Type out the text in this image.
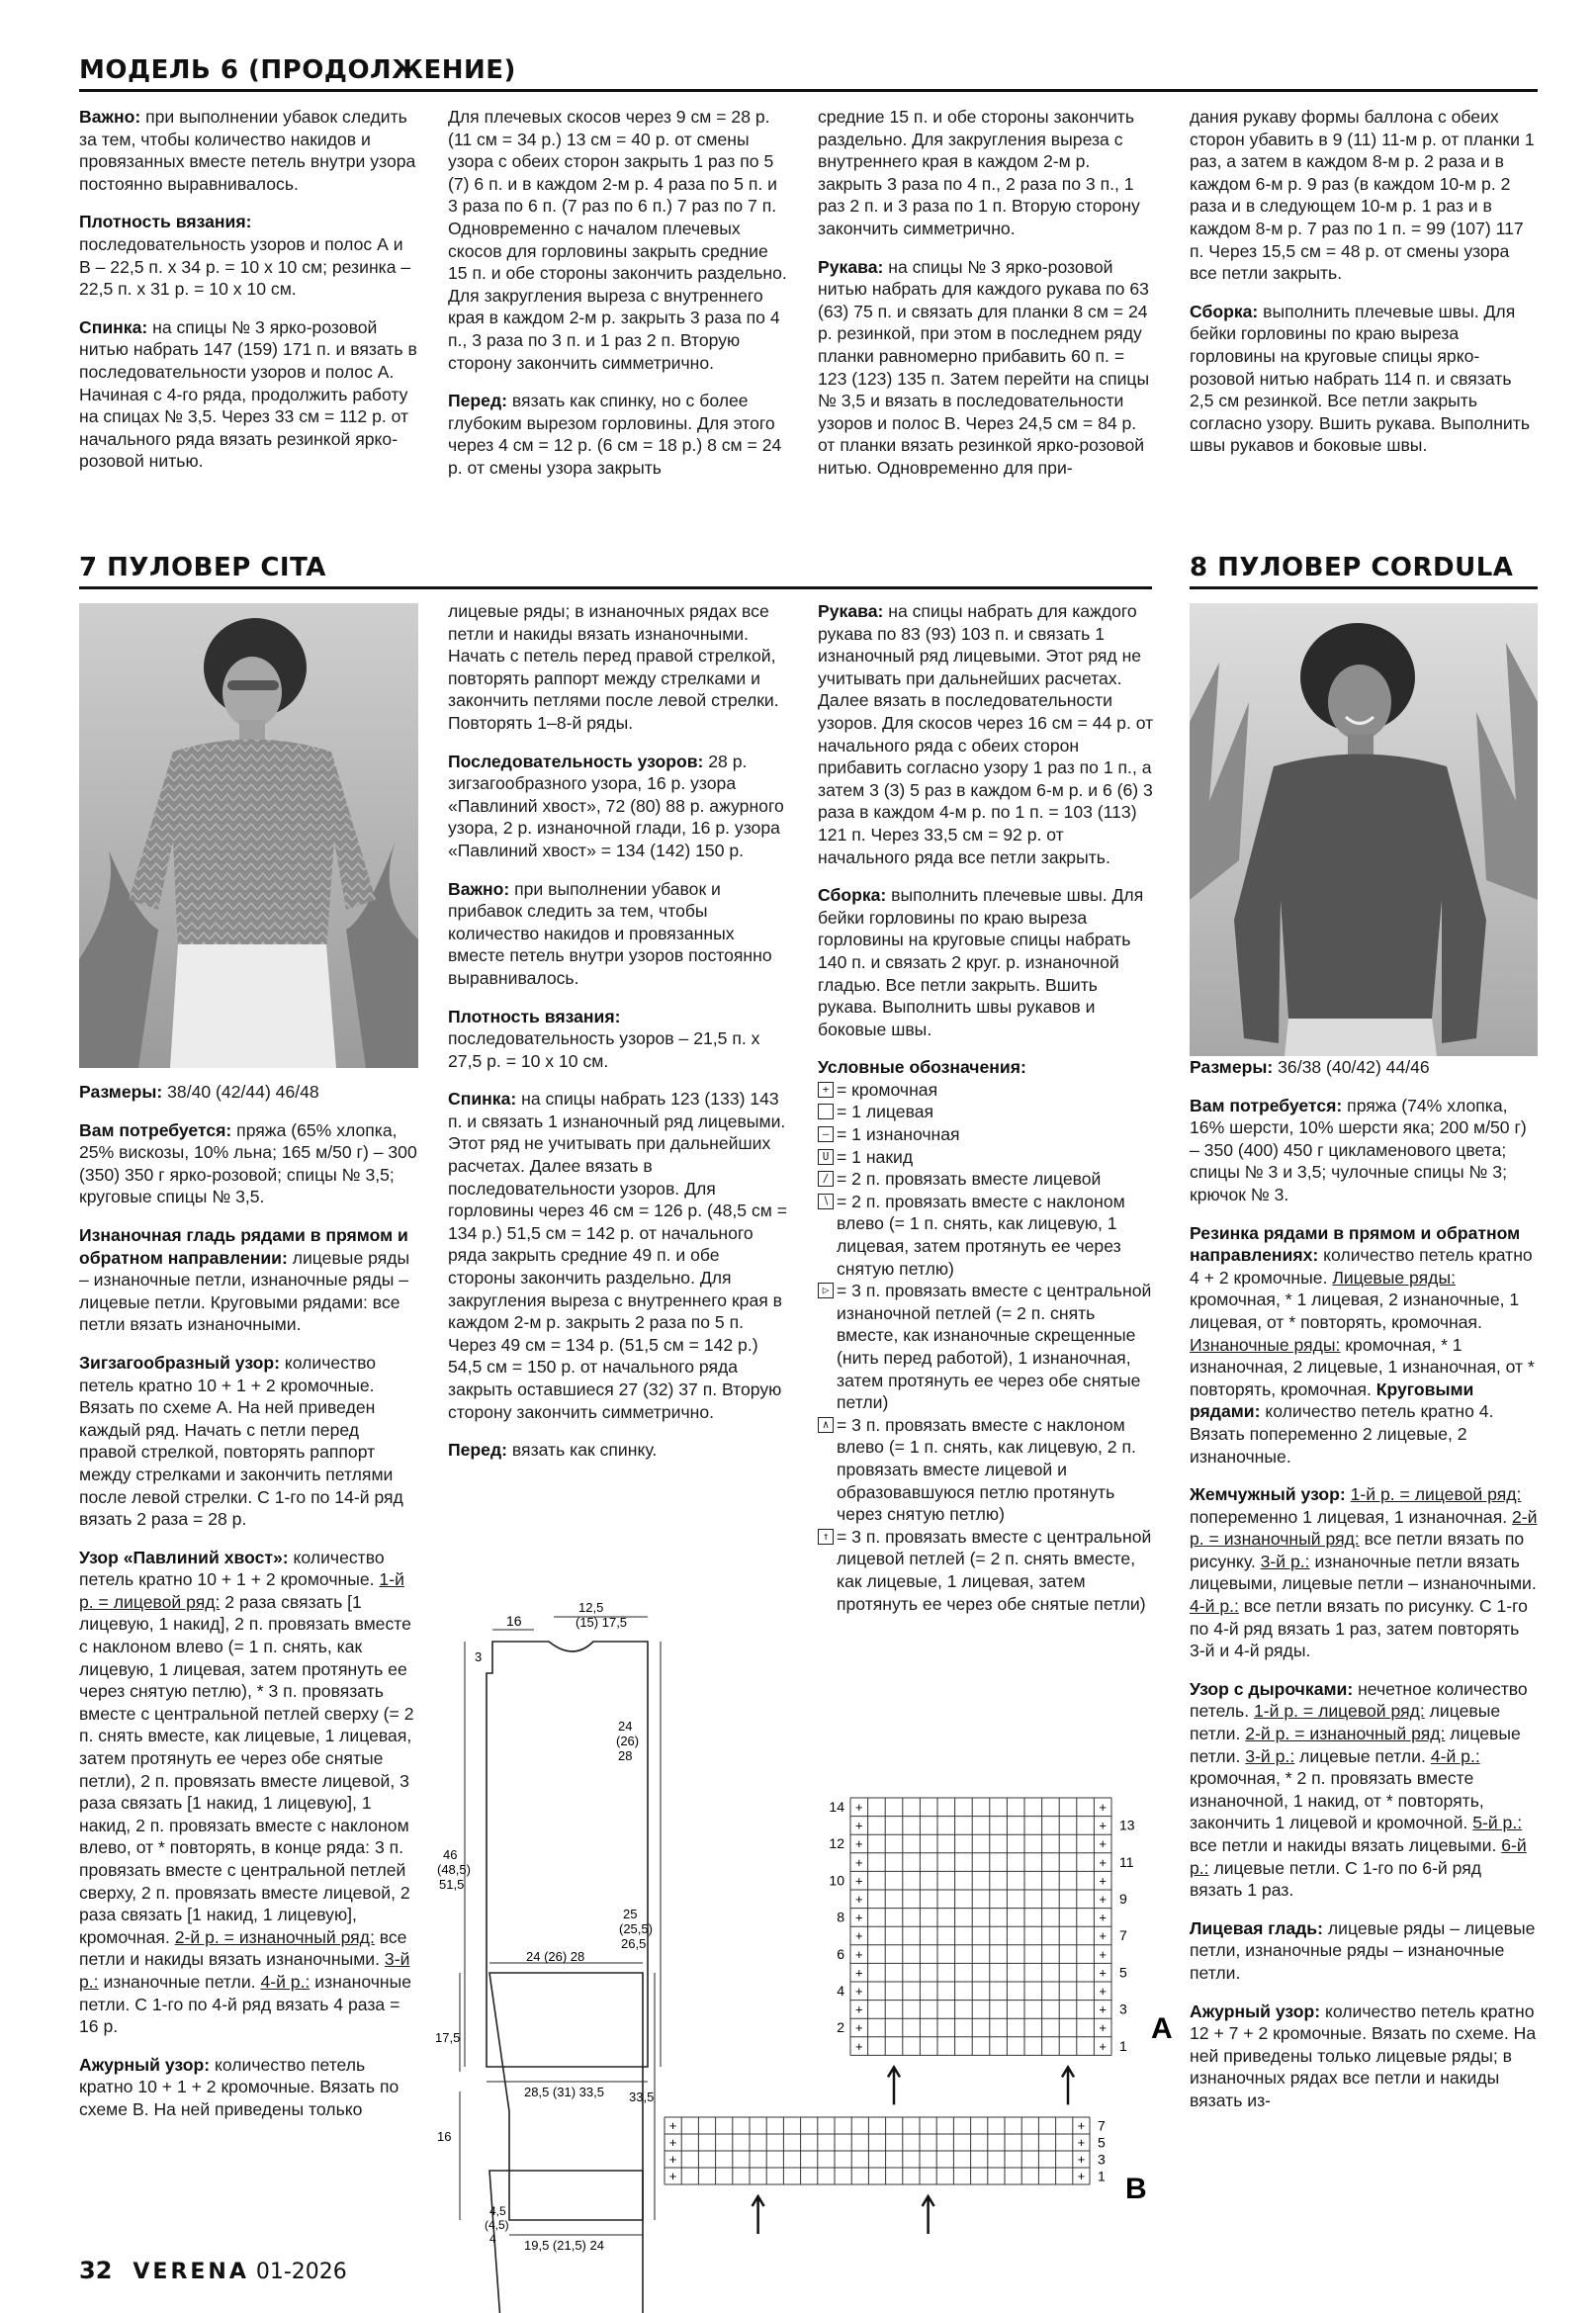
МОДЕЛЬ 6 (ПРОДОЛЖЕНИЕ)
7 ПУЛОВЕР CITA	8 ПУЛОВЕР CORDULA

Важно: при выполнении убавок следить за тем, чтобы количество накидов и провязанных вместе петель внутри узора постоянно выравнивалось.

Плотность вязания: последовательность узоров и полос А и В – 22,5 п. х 34 р. = 10 х 10 см; резинка – 22,5 п. х 31 р. = 10 х 10 см.

Спинка: на спицы № 3 ярко-розовой нитью набрать 147 (159) 171 п. и вязать в последовательности узоров и полос А. Начиная с 4-го ряда, продолжить работу на спицах № 3,5. Через 33 см = 112 р. от начального ряда вязать резинкой ярко-розовой нитью.

Для плечевых скосов через 9 см = 28 р. (11 см = 34 р.) 13 см = 40 р. от смены узора с обеих сторон закрыть 1 раз по 5 (7) 6 п. и в каждом 2-м р. 4 раза по 5 п. и 3 раза по 6 п. (7 раз по 6 п.) 7 раз по 7 п. Одновременно с началом плечевых скосов для горловины закрыть средние 15 п. и обе стороны закончить раздельно. Для закругления выреза с внутреннего края в каждом 2-м р. закрыть 3 раза по 4 п., 3 раза по 3 п. и 1 раз 2 п. Вторую сторону закончить симметрично.

Перед: вязать как спинку, но с более глубоким вырезом горловины. Для этого через 4 см = 12 р. (6 см = 18 р.) 8 см = 24 р. от смены узора закрыть

средние 15 п. и обе стороны закончить раздельно. Для закругления выреза с внутреннего края в каждом 2-м р. закрыть 3 раза по 4 п., 2 раза по 3 п., 1 раз 2 п. и 3 раза по 1 п. Вторую сторону закончить симметрично.

Рукава: на спицы № 3 ярко-розовой нитью набрать для каждого рукава по 63 (63) 75 п. и связать для планки 8 см = 24 р. резинкой, при этом в последнем ряду планки равномерно прибавить 60 п. = 123 (123) 135 п. Затем перейти на спицы № 3,5 и вязать в последовательности узоров и полос В. Через 24,5 см = 84 р. от планки вязать резинкой ярко-розовой нитью. Одновременно для при-

дания рукаву формы баллона с обеих сторон убавить в 9 (11) 11-м р. от планки 1 раз, а затем в каждом 8-м р. 2 раза и в каждом 6-м р. 9 раз (в каждом 10-м р. 2 раза и в следующем 10-м р. 1 раз и в каждом 8-м р. 7 раз по 1 п. = 99 (107) 117 п. Через 15,5 см = 48 р. от смены узора все петли закрыть.

Сборка: выполнить плечевые швы. Для бейки горловины по краю выреза горловины на круговые спицы ярко-розовой нитью набрать 114 п. и связать 2,5 см резинкой. Все петли закрыть согласно узору. Вшить рукава. Выполнить швы рукавов и боковые швы.

Размеры: 38/40 (42/44) 46/48

Вам потребуется: пряжа (65% хлопка, 25% вискозы, 10% льна; 165 м/50 г) – 300 (350) 350 г ярко-розовой; спицы № 3,5; круговые спицы № 3,5.

Изнаночная гладь рядами в прямом и обратном направлении: лицевые ряды – изнаночные петли, изнаночные ряды – лицевые петли. Круговыми рядами: все петли вязать изнаночными.

Зигзагообразный узор: количество петель кратно 10 + 1 + 2 кромочные. Вязать по схеме А. На ней приведен каждый ряд. Начать с петли перед правой стрелкой, повторять раппорт между стрелками и закончить петлями после левой стрелки. С 1-го по 14-й ряд вязать 2 раза = 28 р.

Узор «Павлиний хвост»: количество петель кратно 10 + 1 + 2 кромочные. 1-й р. = лицевой ряд: 2 раза связать [1 лицевую, 1 накид], 2 п. провязать вместе с наклоном влево (= 1 п. снять, как лицевую, 1 лицевая, затем протянуть ее через снятую петлю), * 3 п. провязать вместе с центральной петлей сверху (= 2 п. снять вместе, как лицевые, 1 лицевая, затем протянуть ее через обе снятые петли), 2 п. провязать вместе лицевой, 3 раза связать [1 накид, 1 лицевую], 1 накид, 2 п. провязать вместе с наклоном влево, от * повторять, в конце ряда: 3 п. провязать вместе с центральной петлей сверху, 2 п. провязать вместе лицевой, 2 раза связать [1 накид, 1 лицевую], кромочная. 2-й р. = изнаночный ряд: все петли и накиды вязать изнаночными. 3-й р.: изнаночные петли. 4-й р.: изнаночные петли. С 1-го по 4-й ряд вязать 4 раза = 16 р.

Ажурный узор: количество петель кратно 10 + 1 + 2 кромочные. Вязать по схеме В. На ней приведены только

лицевые ряды; в изнаночных рядах все петли и накиды вязать изнаночными. Начать с петель перед правой стрелкой, повторять раппорт между стрелками и закончить петлями после левой стрелки. Повторять 1–8-й ряды.

Последовательность узоров: 28 р. зигзагообразного узора, 16 р. узора «Павлиний хвост», 72 (80) 88 р. ажурного узора, 2 р. изнаночной глади, 16 р. узора «Павлиний хвост» = 134 (142) 150 р.

Важно: при выполнении убавок и прибавок следить за тем, чтобы количество накидов и провязанных вместе петель внутри узоров постоянно выравнивалось.

Плотность вязания: последовательность узоров – 21,5 п. х 27,5 р. = 10 х 10 см.

Спинка: на спицы набрать 123 (133) 143 п. и связать 1 изнаночный ряд лицевыми. Этот ряд не учитывать при дальнейших расчетах. Далее вязать в последовательности узоров. Для горловины через 46 см = 126 р. (48,5 см = 134 р.) 51,5 см = 142 р. от начального ряда закрыть средние 49 п. и обе стороны закончить раздельно. Для закругления выреза с внутреннего края в каждом 2-м р. закрыть 2 раза по 5 п. Через 49 см = 134 р. (51,5 см = 142 р.) 54,5 см = 150 р. от начального ряда закрыть оставшиеся 27 (32) 37 п. Вторую сторону закончить симметрично.

Перед: вязать как спинку.

Рукава: на спицы набрать для каждого рукава по 83 (93) 103 п. и связать 1 изнаночный ряд лицевыми. Этот ряд не учитывать при дальнейших расчетах. Далее вязать в последовательности узоров. Для скосов через 16 см = 44 р. от начального ряда с обеих сторон прибавить согласно узору 1 раз по 1 п., а затем 3 (3) 5 раз в каждом 6-м р. и 6 (6) 3 раза в каждом 4-м р. по 1 п. = 103 (113) 121 п. Через 33,5 см = 92 р. от начального ряда все петли закрыть.

Сборка: выполнить плечевые швы. Для бейки горловины по краю выреза горловины на круговые спицы набрать 140 п. и связать 2 круг. р. изнаночной гладью. Все петли закрыть. Вшить рукава. Выполнить швы рукавов и боковые швы.

Условные обозначения:

+ = кромочная
= 1 лицевая
– = 1 изнаночная
U = 1 накид
∕ = 2 п. провязать вместе лицевой
∖ = 2 п. провязать вместе с наклоном влево (= 1 п. снять, как лицевую, 1 лицевая, затем протянуть ее через снятую петлю)
▷ = 3 п. провязать вместе с центральной изнаночной петлей (= 2 п. снять вместе, как изнаночные скрещенные (нить перед работой), 1 изнаночная, затем протянуть ее через обе снятые петли)
∧ = 3 п. провязать вместе с наклоном влево (= 1 п. снять, как лицевую, 2 п. провязать вместе лицевой и образовавшуюся петлю протянуть через снятую петлю)
↑ = 3 п. провязать вместе с центральной лицевой петлей (= 2 п. снять вместе, как лицевые, 1 лицевая, затем протянуть ее через обе снятые петли)

Размеры: 36/38 (40/42) 44/46

Вам потребуется: пряжа (74% хлопка, 16% шерсти, 10% шерсти яка; 200 м/50 г) – 350 (400) 450 г цикламенового цвета; спицы № 3 и 3,5; чулочные спицы № 3; крючок № 3.

Резинка рядами в прямом и обратном направлениях: количество петель кратно 4 + 2 кромочные. Лицевые ряды: кромочная, * 1 лицевая, 2 изнаночные, 1 лицевая, от * повторять, кромочная. Изнаночные ряды: кромочная, * 1 изнаночная, 2 лицевые, 1 изнаночная, от * повторять, кромочная. Круговыми рядами: количество петель кратно 4. Вязать попеременно 2 лицевые, 2 изнаночные.

Жемчужный узор: 1-й р. = лицевой ряд: попеременно 1 лицевая, 1 изнаночная. 2-й р. = изнаночный ряд: все петли вязать по рисунку. 3-й р.: изнаночные петли вязать лицевыми, лицевые петли – изнаночными. 4-й р.: все петли вязать по рисунку. С 1-го по 4-й ряд вязать 1 раз, затем повторять 3-й и 4-й ряды.

Узор с дырочками: нечетное количество петель. 1-й р. = лицевой ряд: лицевые петли. 2-й р. = изнаночный ряд: лицевые петли. 3-й р.: лицевые петли. 4-й р.: кромочная, * 2 п. провязать вместе изнаночной, 1 накид, от * повторять, закончить 1 лицевой и кромочной. 5-й р.: все петли и накиды вязать лицевыми. 6-й р.: лицевые петли. С 1-го по 6-й ряд вязать 1 раз.

Лицевая гладь: лицевые ряды – лицевые петли, изнаночные ряды – изнаночные петли.

Ажурный узор: количество петель кратно 12 + 7 + 2 кромочные. Вязать по схеме. На ней приведены только лицевые ряды; в изнаночных рядах все петли и накиды вязать из-

16
12,5
(15) 17,5
3
24
(26)
28
46
(48,5)
51,5
25
(25,5)
26,5
28,5 (31) 33,5
24 (26) 28
17,5
33,5
16
4,5
(4,5)
4 19,5 (21,5) 24
+	+
+	+
+	+
+	+
+	+
+	+
+	+
+	+
+	+
+	+
+	+
+	+
+	+
+	+
14
12
10
8
6
4
2
13
11
9
7
5
3
1
A
+	+
+	+
+	+
+	+
7
5
3
1 B
32 VERENA 01-2026
